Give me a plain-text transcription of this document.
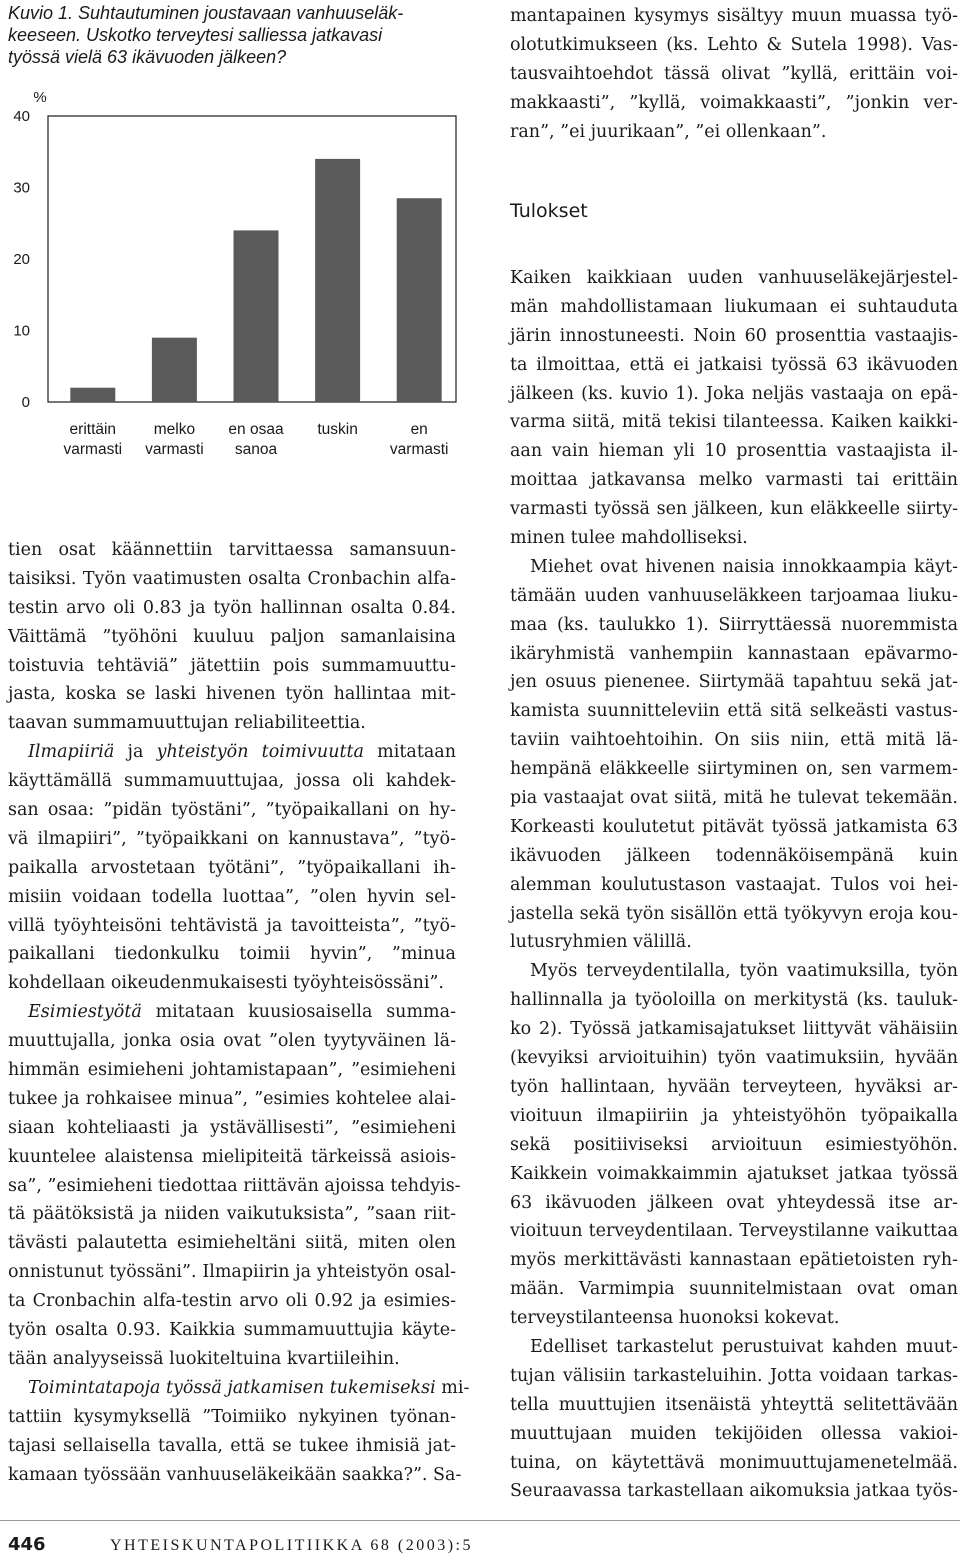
Kuvio 1. Suhtautuminen joustavaan vanhuuseläk-
keeseen. Uskotko terveytesi salliessa jatkavasi
työssä vielä 63 ikävuoden jälkeen?
%
0
10
20
30
40
erittäin
varmasti
melko
varmasti
en osaa
sanoa
tuskin	en
varmasti
mantapainen kysymys sisältyy muun muassa työ-
olotutkimukseen (ks. Lehto & Sutela 1998). Vas-
tausvaihtoehdot tässä olivat ”kyllä, erittäin voi-
makkaasti”, ”kyllä, voimakkaasti”, ”jonkin ver-
ran”, ”ei juurikaan”, ”ei ollenkaan”.
Tulokset
Kaiken kaikkiaan uuden vanhuuseläkejärjestel-
män mahdollistamaan liukumaan ei suhtauduta
järin innostuneesti. Noin 60 prosenttia vastaajis-
ta ilmoittaa, että ei jatkaisi työssä 63 ikävuoden
jälkeen (ks. kuvio 1). Joka neljäs vastaaja on epä-
varma siitä, mitä tekisi tilanteessa. Kaiken kaikki-
aan vain hieman yli 10 prosenttia vastaajista il-
moittaa jatkavansa melko varmasti tai erittäin
varmasti työssä sen jälkeen, kun eläkkeelle siirty-
minen tulee mahdolliseksi.
Miehet ovat hivenen naisia innokkaampia käyt-
tämään uuden vanhuuseläkkeen tarjoamaa liuku-
maa (ks. taulukko 1). Siirryttäessä nuoremmista
ikäryhmistä vanhempiin kannastaan epävarmo-
jen osuus pienenee. Siirtymää tapahtuu sekä jat-
kamista suunnitteleviin että sitä selkeästi vastus-
taviin vaihtoehtoihin. On siis niin, että mitä lä-
hempänä eläkkeelle siirtyminen on, sen varmem-
pia vastaajat ovat siitä, mitä he tulevat tekemään.
Korkeasti koulutetut pitävät työssä jatkamista 63
ikävuoden jälkeen todennäköisempänä kuin
alemman koulutustason vastaajat. Tulos voi hei-
jastella sekä työn sisällön että työkyvyn eroja kou-
lutusryhmien välillä.
Myös terveydentilalla, työn vaatimuksilla, työn
hallinnalla ja työoloilla on merkitystä (ks. tauluk-
ko 2). Työssä jatkamisajatukset liittyvät vähäisiin
(kevyiksi arvioituihin) työn vaatimuksiin, hyvään
työn hallintaan, hyvään terveyteen, hyväksi ar-
vioituun ilmapiiriin ja yhteistyöhön työpaikalla
sekä positiiviseksi arvioituun esimiestyöhön.
Kaikkein voimakkaimmin ajatukset jatkaa työssä
63 ikävuoden jälkeen ovat yhteydessä itse ar-
vioituun terveydentilaan. Terveystilanne vaikuttaa
myös merkittävästi kannastaan epätietoisten ryh-
mään. Varmimpia suunnitelmistaan ovat oman
terveystilanteensa huonoksi kokevat.
Edelliset tarkastelut perustuivat kahden muut-
tujan välisiin tarkasteluihin. Jotta voidaan tarkas-
tella muuttujien itsenäistä yhteyttä selitettävään
muuttujaan muiden tekijöiden ollessa vakioi-
tuina, on käytettävä monimuuttujamenetelmää.
Seuraavassa tarkastellaan aikomuksia jatkaa työs-
tien osat käännettiin tarvittaessa samansuun-
taisiksi. Työn vaatimusten osalta Cronbachin alfa-
testin arvo oli 0.83 ja työn hallinnan osalta 0.84.
Väittämä ”työhöni kuuluu paljon samanlaisina
toistuvia tehtäviä” jätettiin pois summamuuttu-
jasta, koska se laski hivenen työn hallintaa mit-
taavan summamuuttujan reliabiliteettia.
Ilmapiiriä ja yhteistyön toimivuutta mitataan
käyttämällä summamuuttujaa, jossa oli kahdek-
san osaa: ”pidän työstäni”, ”työpaikallani on hy-
vä ilmapiiri”, ”työpaikkani on kannustava”, ”työ-
paikalla arvostetaan työtäni”, ”työpaikallani ih-
misiin voidaan todella luottaa”, ”olen hyvin sel-
villä työyhteisöni tehtävistä ja tavoitteista”, ”työ-
paikallani tiedonkulku toimii hyvin”, ”minua
kohdellaan oikeudenmukaisesti työyhteisössäni”.
Esimiestyötä mitataan kuusiosaisella summa-
muuttujalla, jonka osia ovat ”olen tyytyväinen lä-
himmän esimieheni johtamistapaan”, ”esimieheni
tukee ja rohkaisee minua”, ”esimies kohtelee alai-
siaan kohteliaasti ja ystävällisesti”, ”esimieheni
kuuntelee alaistensa mielipiteitä tärkeissä asiois-
sa”, ”esimieheni tiedottaa riittävän ajoissa tehdyis-
tä päätöksistä ja niiden vaikutuksista”, ”saan riit-
tävästi palautetta esimieheltäni siitä, miten olen
onnistunut työssäni”. Ilmapiirin ja yhteistyön osal-
ta Cronbachin alfa-testin arvo oli 0.92 ja esimies-
työn osalta 0.93. Kaikkia summamuuttujia käyte-
tään analyyseissä luokiteltuina kvartiileihin.
Toimintatapoja työssä jatkamisen tukemiseksi mi-
tattiin kysymyksellä ”Toimiiko nykyinen työnan-
tajasi sellaisella tavalla, että se tukee ihmisiä jat-
kamaan työssään vanhuuseläkeikään saakka?”. Sa-
446	YHTEISKUNTAPOLITIIKKA 68 (2003):5
